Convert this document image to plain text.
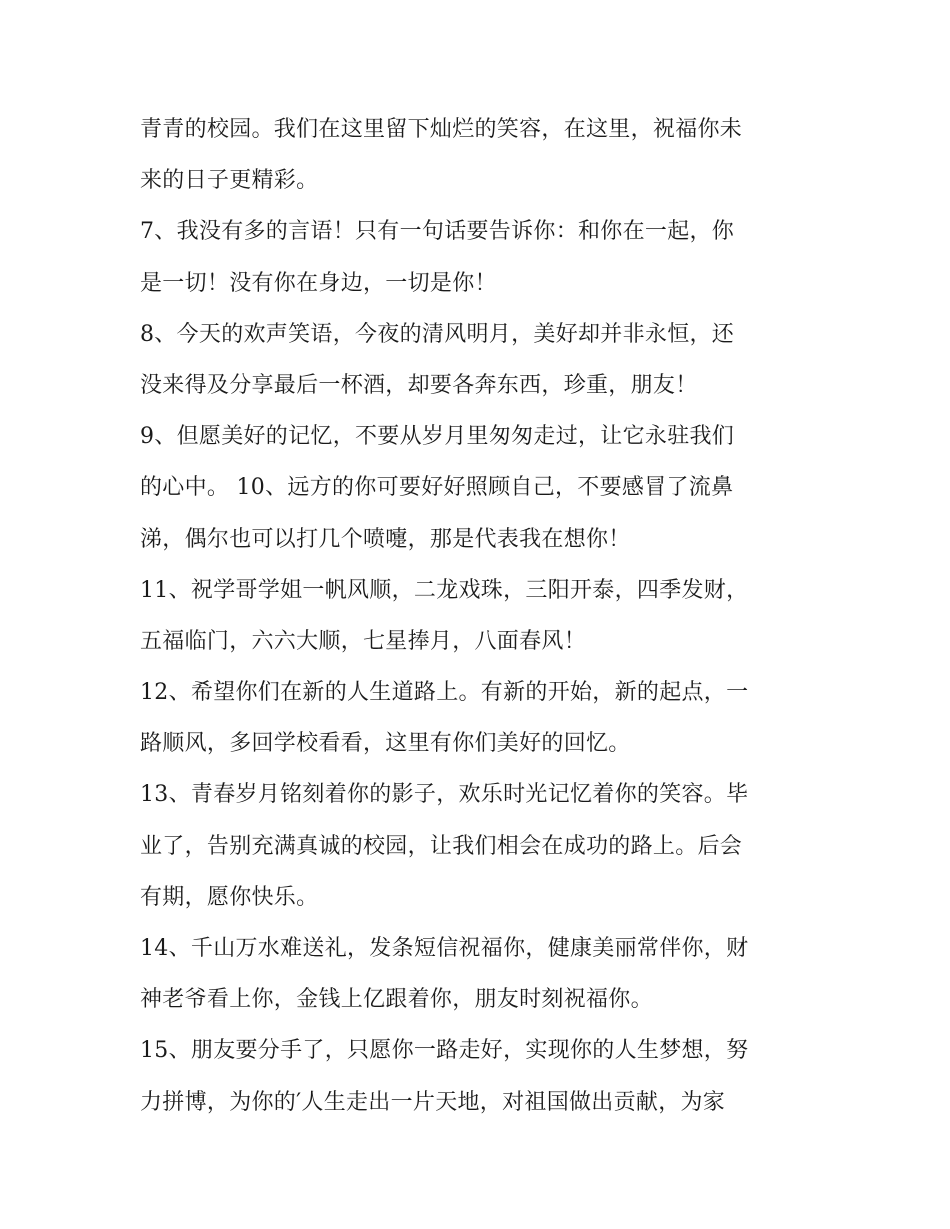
青青的校园。我们在这里留下灿烂的笑容，在这里，祝福你未
来的日子更精彩。
7、我没有多的言语！只有一句话要告诉你：和你在一起，你
是一切！没有你在身边，一切是你！
8、今天的欢声笑语，今夜的清风明月，美好却并非永恒，还
没来得及分享最后一杯酒，却要各奔东西，珍重，朋友！
9、但愿美好的记忆，不要从岁月里匆匆走过，让它永驻我们
的心中。 10、远方的你可要好好照顾自己，不要感冒了流鼻
涕，偶尔也可以打几个喷嚏，那是代表我在想你！
11、祝学哥学姐一帆风顺，二龙戏珠，三阳开泰，四季发财，
五福临门，六六大顺，七星捧月，八面春风！
12、希望你们在新的人生道路上。有新的开始，新的起点，一
路顺风，多回学校看看，这里有你们美好的回忆。
13、青春岁月铭刻着你的影子，欢乐时光记忆着你的笑容。毕
业了，告别充满真诚的校园，让我们相会在成功的路上。后会
有期，愿你快乐。
14、千山万水难送礼，发条短信祝福你，健康美丽常伴你，财
神老爷看上你，金钱上亿跟着你，朋友时刻祝福你。
15、朋友要分手了，只愿你一路走好，实现你的人生梦想，努
力拼博，为你的′人生走出一片天地，对祖国做出贡献，为家
